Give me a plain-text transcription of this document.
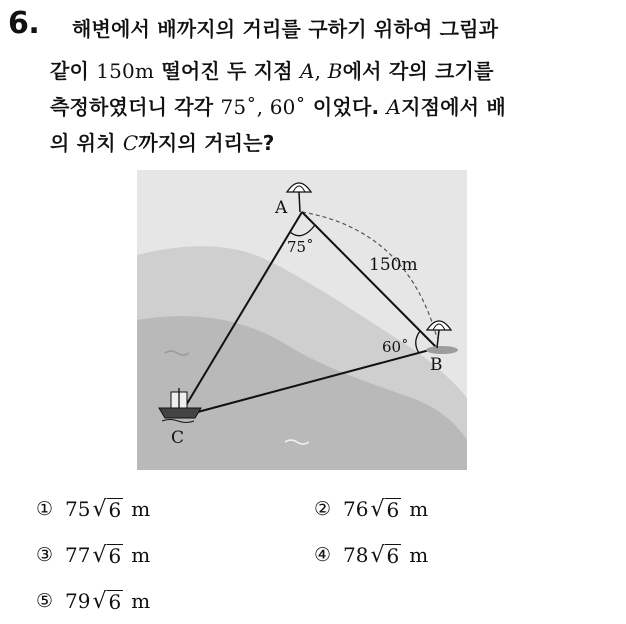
6. 해변에서 배까지의 거리를 구하기 위하여 그림과
같이 150m 떨어진 두 지점 A, B에서 각의 크기를
측정하였더니 각각 75˚, 60˚ 이었다. A지점에서 배
의 위치 C까지의 거리는?
A
B
C
75˚
60˚
150m
① 75 √ 6 m	② 76 √ 6 m
③ 77 √ 6 m	④ 78 √ 6 m
⑤ 79 √ 6 m
